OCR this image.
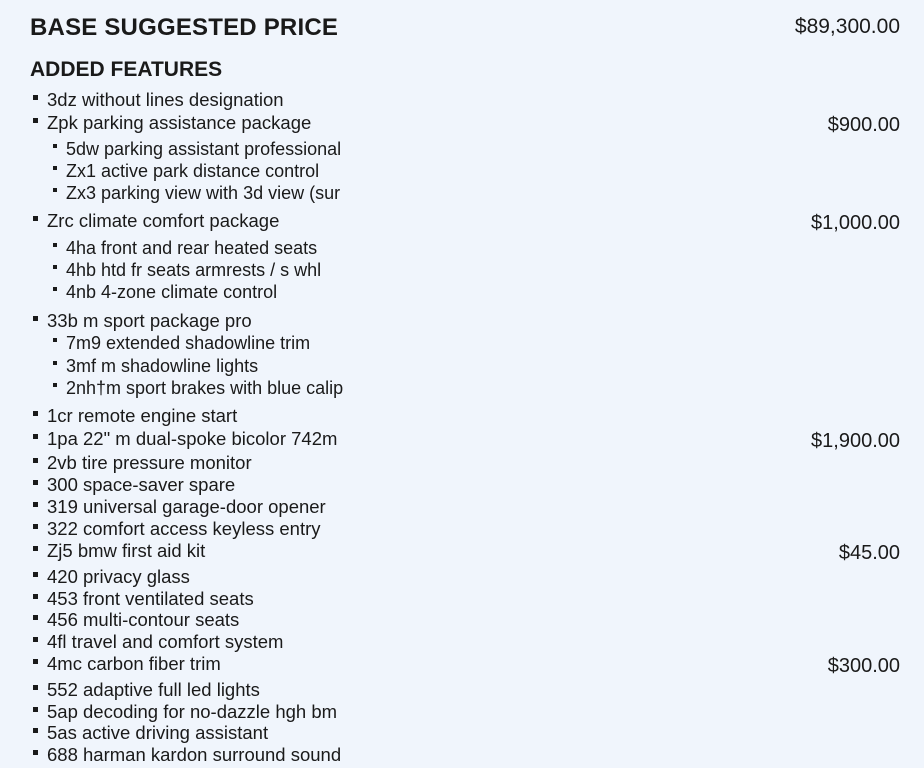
BASE SUGGESTED PRICE	$89,300.00
ADDED FEATURES
3dz without lines designation
Zpk parking assistance package	$900.00
5dw parking assistant professional
Zx1 active park distance control
Zx3 parking view with 3d view (sur
Zrc climate comfort package	$1,000.00
4ha front and rear heated seats
4hb htd fr seats armrests / s whl
4nb 4-zone climate control
33b m sport package pro
7m9 extended shadowline trim
3mf m shadowline lights
2nh†m sport brakes with blue calip
1cr remote engine start
1pa 22" m dual-spoke bicolor 742m	$1,900.00
2vb tire pressure monitor
300 space-saver spare
319 universal garage-door opener
322 comfort access keyless entry
Zj5 bmw first aid kit	$45.00
420 privacy glass
453 front ventilated seats
456 multi-contour seats
4fl travel and comfort system
4mc carbon fiber trim	$300.00
552 adaptive full led lights
5ap decoding for no-dazzle hgh bm
5as active driving assistant
688 harman kardon surround sound
